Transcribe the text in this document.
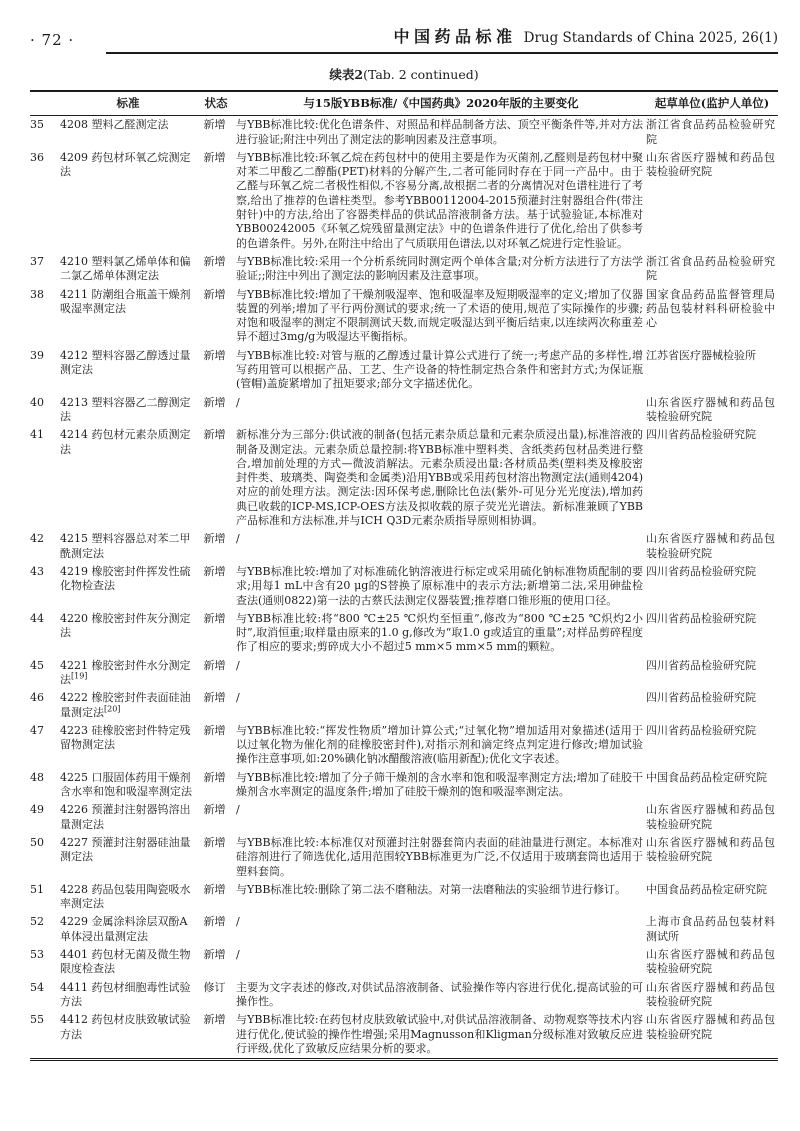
· 72 ·	中国药品标准 Drug Standards of China 2025, 26(1)
续表2(Tab. 2 continued)
	标准	状态	与15版YBB标准/《中国药典》2020年版的主要变化	起草单位(监护人单位)
35	4208 塑料乙醛测定法	新增	与YBB标准比较:优化色谱条件、对照品和样品制备方法、顶空平衡条件等,并对方法进行验证;附注中列出了测定法的影响因素及注意事项。	浙江省食品药品检验研究院
36	4209 药包材环氧乙烷测定法	新增	与YBB标准比较:环氧乙烷在药包材中的使用主要是作为灭菌剂,乙醛则是药包材中聚对苯二甲酸乙二醇酯(PET)材料的分解产生,二者可能同时存在于同一产品中。由于乙醛与环氧乙烷二者极性相似,不容易分离,故根据二者的分离情况对色谱柱进行了考察,给出了推荐的色谱柱类型。参考YBB00112004-2015预灌封注射器组合件(带注射针)中的方法,给出了容器类样品的供试品溶液制备方法。基于试验验证,本标准对YBB00242005《环氧乙烷残留量测定法》中的色谱条件进行了优化,给出了供参考的色谱条件。另外,在附注中给出了气质联用色谱法,以对环氧乙烷进行定性验证。	山东省医疗器械和药品包装检验研究院
37	4210 塑料氯乙烯单体和偏二氯乙烯单体测定法	新增	与YBB标准比较:采用一个分析系统同时测定两个单体含量;对分析方法进行了方法学验证;;附注中列出了测定法的影响因素及注意事项。	浙江省食品药品检验研究院
38	4211 防潮组合瓶盖干燥剂吸湿率测定法	新增	与YBB标准比较:增加了干燥剂吸湿率、饱和吸湿率及短期吸湿率的定义;增加了仪器装置的列举;增加了平行两份测试的要求;统一了术语的使用,规范了实际操作的步骤;对饱和吸湿率的测定不限制测试天数,而规定吸湿达到平衡后结束,以连续两次称重差异不超过3mg/g为吸湿达平衡指标。	国家食品药品监督管理局药品包装材料科研检验中心
39	4212 塑料容器乙醇透过量测定法	新增	与YBB标准比较:对管与瓶的乙醇透过量计算公式进行了统一;考虑产品的多样性,增写药用管可以根据产品、工艺、生产设备的特性制定热合条件和密封方式;为保证瓶(管帽)盖旋紧增加了扭矩要求;部分文字描述优化。	江苏省医疗器械检验所
40	4213 塑料容器乙二醇测定法	新增	/	山东省医疗器械和药品包装检验研究院
41	4214 药包材元素杂质测定法	新增	新标准分为三部分:供试液的制备(包括元素杂质总量和元素杂质浸出量),标准溶液的制备及测定法。元素杂质总量控制:将YBB标准中塑料类、含纸类药包材品类进行整合,增加前处理的方式—微波消解法。元素杂质浸出量:各材质品类(塑料类及橡胶密封件类、玻璃类、陶瓷类和金属类)沿用YBB或采用药包材溶出物测定法(通则4204)对应的前处理方法。测定法:因环保考虑,删除比色法(紫外-可见分光光度法),增加药典已收载的ICP-MS,ICP-OES方法及拟收载的原子荧光光谱法。新标准兼顾了YBB产品标准和方法标准,并与ICH Q3D元素杂质指导原则相协调。	四川省药品检验研究院
42	4215 塑料容器总对苯二甲酰测定法	新增	/	山东省医疗器械和药品包装检验研究院
43	4219 橡胶密封件挥发性硫化物检查法	新增	与YBB标准比较:增加了对标准硫化钠溶液进行标定或采用硫化钠标准物质配制的要求;用每1 mL中含有20 μg的S替换了原标准中的表示方法;新增第二法,采用砷盐检查法(通则0822)第一法的古蔡氏法测定仪器装置;推荐磨口锥形瓶的使用口径。	四川省药品检验研究院
44	4220 橡胶密封件灰分测定法	新增	与YBB标准比较:将“800 ℃±25 ℃炽灼至恒重”,修改为“800 ℃±25 ℃炽灼2小时”,取消恒重;取样量由原来的1.0 g,修改为“取1.0 g或适宜的重量”;对样品剪碎程度作了相应的要求;剪碎成大小不超过5 mm×5 mm×5 mm的颗粒。	四川省药品检验研究院
45	4221 橡胶密封件水分测定法[19]	新增	/	四川省药品检验研究院
46	4222 橡胶密封件表面硅油量测定法[20]	新增	/	四川省药品检验研究院
47	4223 硅橡胶密封件特定残留物测定法	新增	与YBB标准比较:“挥发性物质”增加计算公式;“过氧化物”增加适用对象描述(适用于以过氧化物为催化剂的硅橡胶密封件),对指示剂和滴定终点判定进行修改;增加试验操作注意事项,如:20%碘化钠冰醋酸溶液(临用新配);优化文字表述。	四川省药品检验研究院
48	4225 口服固体药用干燥剂含水率和饱和吸湿率测定法	新增	与YBB标准比较:增加了分子筛干燥剂的含水率和饱和吸湿率测定方法;增加了硅胶干燥剂含水率测定的温度条件;增加了硅胶干燥剂的饱和吸湿率测定法。	中国食品药品检定研究院
49	4226 预灌封注射器钨溶出量测定法	新增	/	山东省医疗器械和药品包装检验研究院
50	4227 预灌封注射器硅油量测定法	新增	与YBB标准比较:本标准仅对预灌封注射器套筒内表面的硅油量进行测定。本标准对硅溶剂进行了筛选优化,适用范围较YBB标准更为广泛,不仅适用于玻璃套筒也适用于塑料套筒。	山东省医疗器械和药品包装检验研究院
51	4228 药品包装用陶瓷吸水率测定法	新增	与YBB标准比较:删除了第二法不磨釉法。对第一法磨釉法的实验细节进行修订。	中国食品药品检定研究院
52	4229 金属涂料涂层双酚A单体浸出量测定法	新增	/	上海市食品药品包装材料测试所
53	4401 药包材无菌及微生物限度检查法	新增	/	山东省医疗器械和药品包装检验研究院
54	4411 药包材细胞毒性试验方法	修订	主要为文字表述的修改,对供试品溶液制备、试验操作等内容进行优化,提高试验的可操作性。	山东省医疗器械和药品包装检验研究院
55	4412 药包材皮肤致敏试验方法	新增	与YBB标准比较:在药包材皮肤致敏试验中,对供试品溶液制备、动物观察等技术内容进行优化,使试验的操作性增强;采用Magnusson和Kligman分级标准对致敏反应进行评级,优化了致敏反应结果分析的要求。	山东省医疗器械和药品包装检验研究院
